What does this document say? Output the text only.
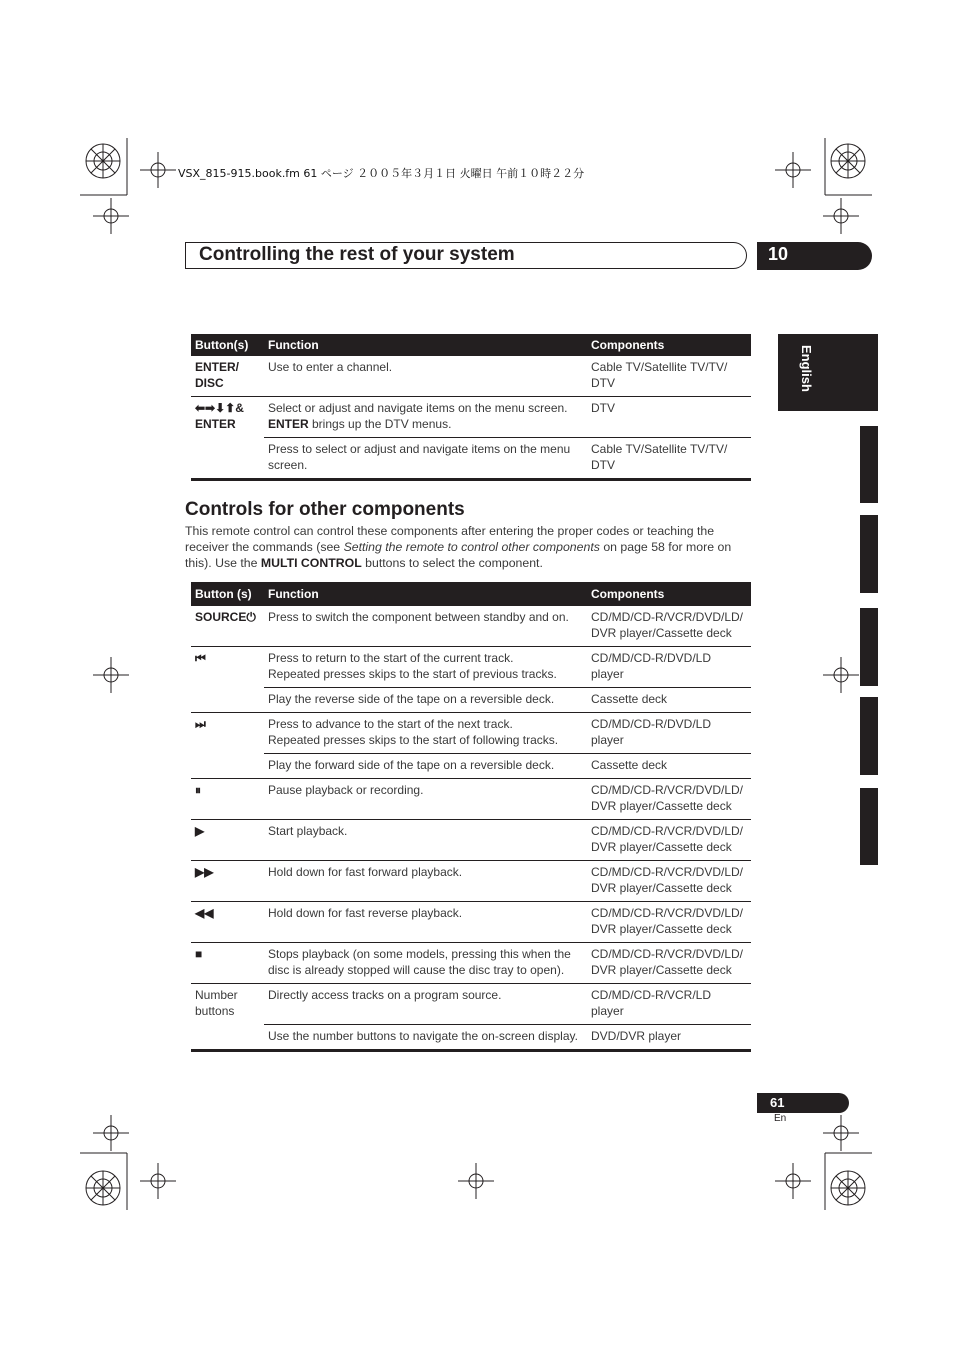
VSX_815-915.book.fm 61 ページ ２００５年３月１日 火曜日 午前１０時２２分
Controlling the rest of your system	10
English
Button(s)	Function	Components
ENTER/
DISC	Use to enter a channel.	Cable TV/Satellite TV/TV/
DTV
⬅➡⬇⬆&
ENTER	Select or adjust and navigate items on the menu screen.
ENTER brings up the DTV menus.	DTV
	Press to select or adjust and navigate items on the menu screen.	Cable TV/Satellite TV/TV/
DTV
Controls for other components
This remote control can control these components after entering the proper codes or teaching the receiver the commands (see Setting the remote to control other components on page 58 for more on this). Use the MULTI CONTROL buttons to select the component.
Button (s)	Function	Components
SOURCE⏻	Press to switch the component between standby and on.	CD/MD/CD-R/VCR/DVD/LD/
DVR player/Cassette deck
⏮	Press to return to the start of the current track.
Repeated presses skips to the start of previous tracks.	CD/MD/CD-R/DVD/LD
player
	Play the reverse side of the tape on a reversible deck.	Cassette deck
⏭	Press to advance to the start of the next track.
Repeated presses skips to the start of following tracks.	CD/MD/CD-R/DVD/LD
player
	Play the forward side of the tape on a reversible deck.	Cassette deck
⏸	Pause playback or recording.	CD/MD/CD-R/VCR/DVD/LD/
DVR player/Cassette deck
▶	Start playback.	CD/MD/CD-R/VCR/DVD/LD/
DVR player/Cassette deck
▶▶	Hold down for fast forward playback.	CD/MD/CD-R/VCR/DVD/LD/
DVR player/Cassette deck
◀◀	Hold down for fast reverse playback.	CD/MD/CD-R/VCR/DVD/LD/
DVR player/Cassette deck
■	Stops playback (on some models, pressing this when the disc is already stopped will cause the disc tray to open).	CD/MD/CD-R/VCR/DVD/LD/
DVR player/Cassette deck
Number
buttons	Directly access tracks on a program source.	CD/MD/CD-R/VCR/LD
player
	Use the number buttons to navigate the on-screen display.	DVD/DVR player
61
En
